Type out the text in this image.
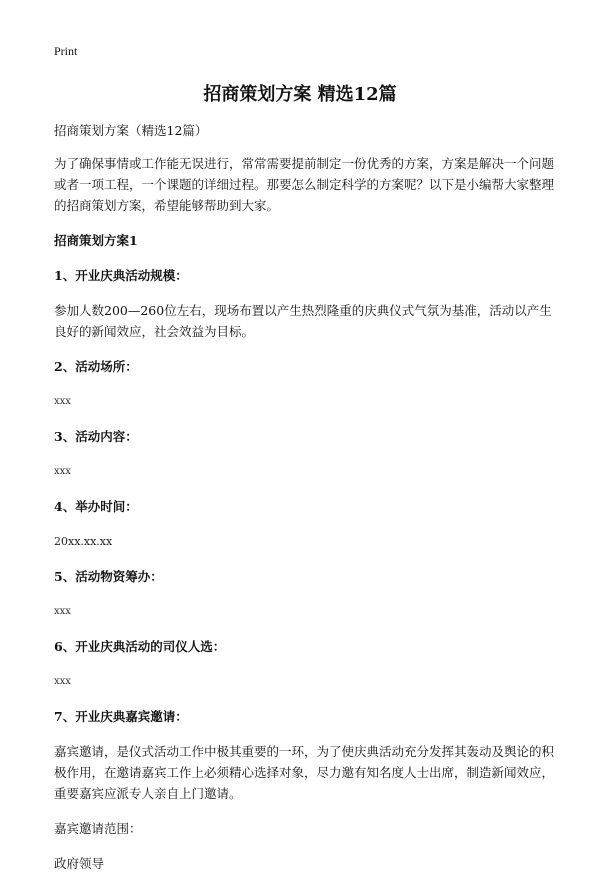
Print
招商策划方案 精选12篇

招商策划方案（精选12篇）

为了确保事情或工作能无误进行，常常需要提前制定一份优秀的方案，方案是解决一个问题或者一项工程，一个课题的详细过程。那要怎么制定科学的方案呢？以下是小编帮大家整理的招商策划方案，希望能够帮助到大家。

招商策划方案1

1、开业庆典活动规模：

参加人数200—260位左右，现场布置以产生热烈隆重的庆典仪式气氛为基准，活动以产生良好的新闻效应，社会效益为目标。

2、活动场所：

xxx

3、活动内容：

xxx

4、举办时间：

20xx.xx.xx

5、活动物资筹办：

xxx

6、开业庆典活动的司仪人选：

xxx

7、开业庆典嘉宾邀请：

嘉宾邀请，是仪式活动工作中极其重要的一环，为了使庆典活动充分发挥其轰动及舆论的积极作用，在邀请嘉宾工作上必须精心选择对象，尽力邀有知名度人士出席，制造新闻效应，重要嘉宾应派专人亲自上门邀请。

嘉宾邀请范围：

政府领导
